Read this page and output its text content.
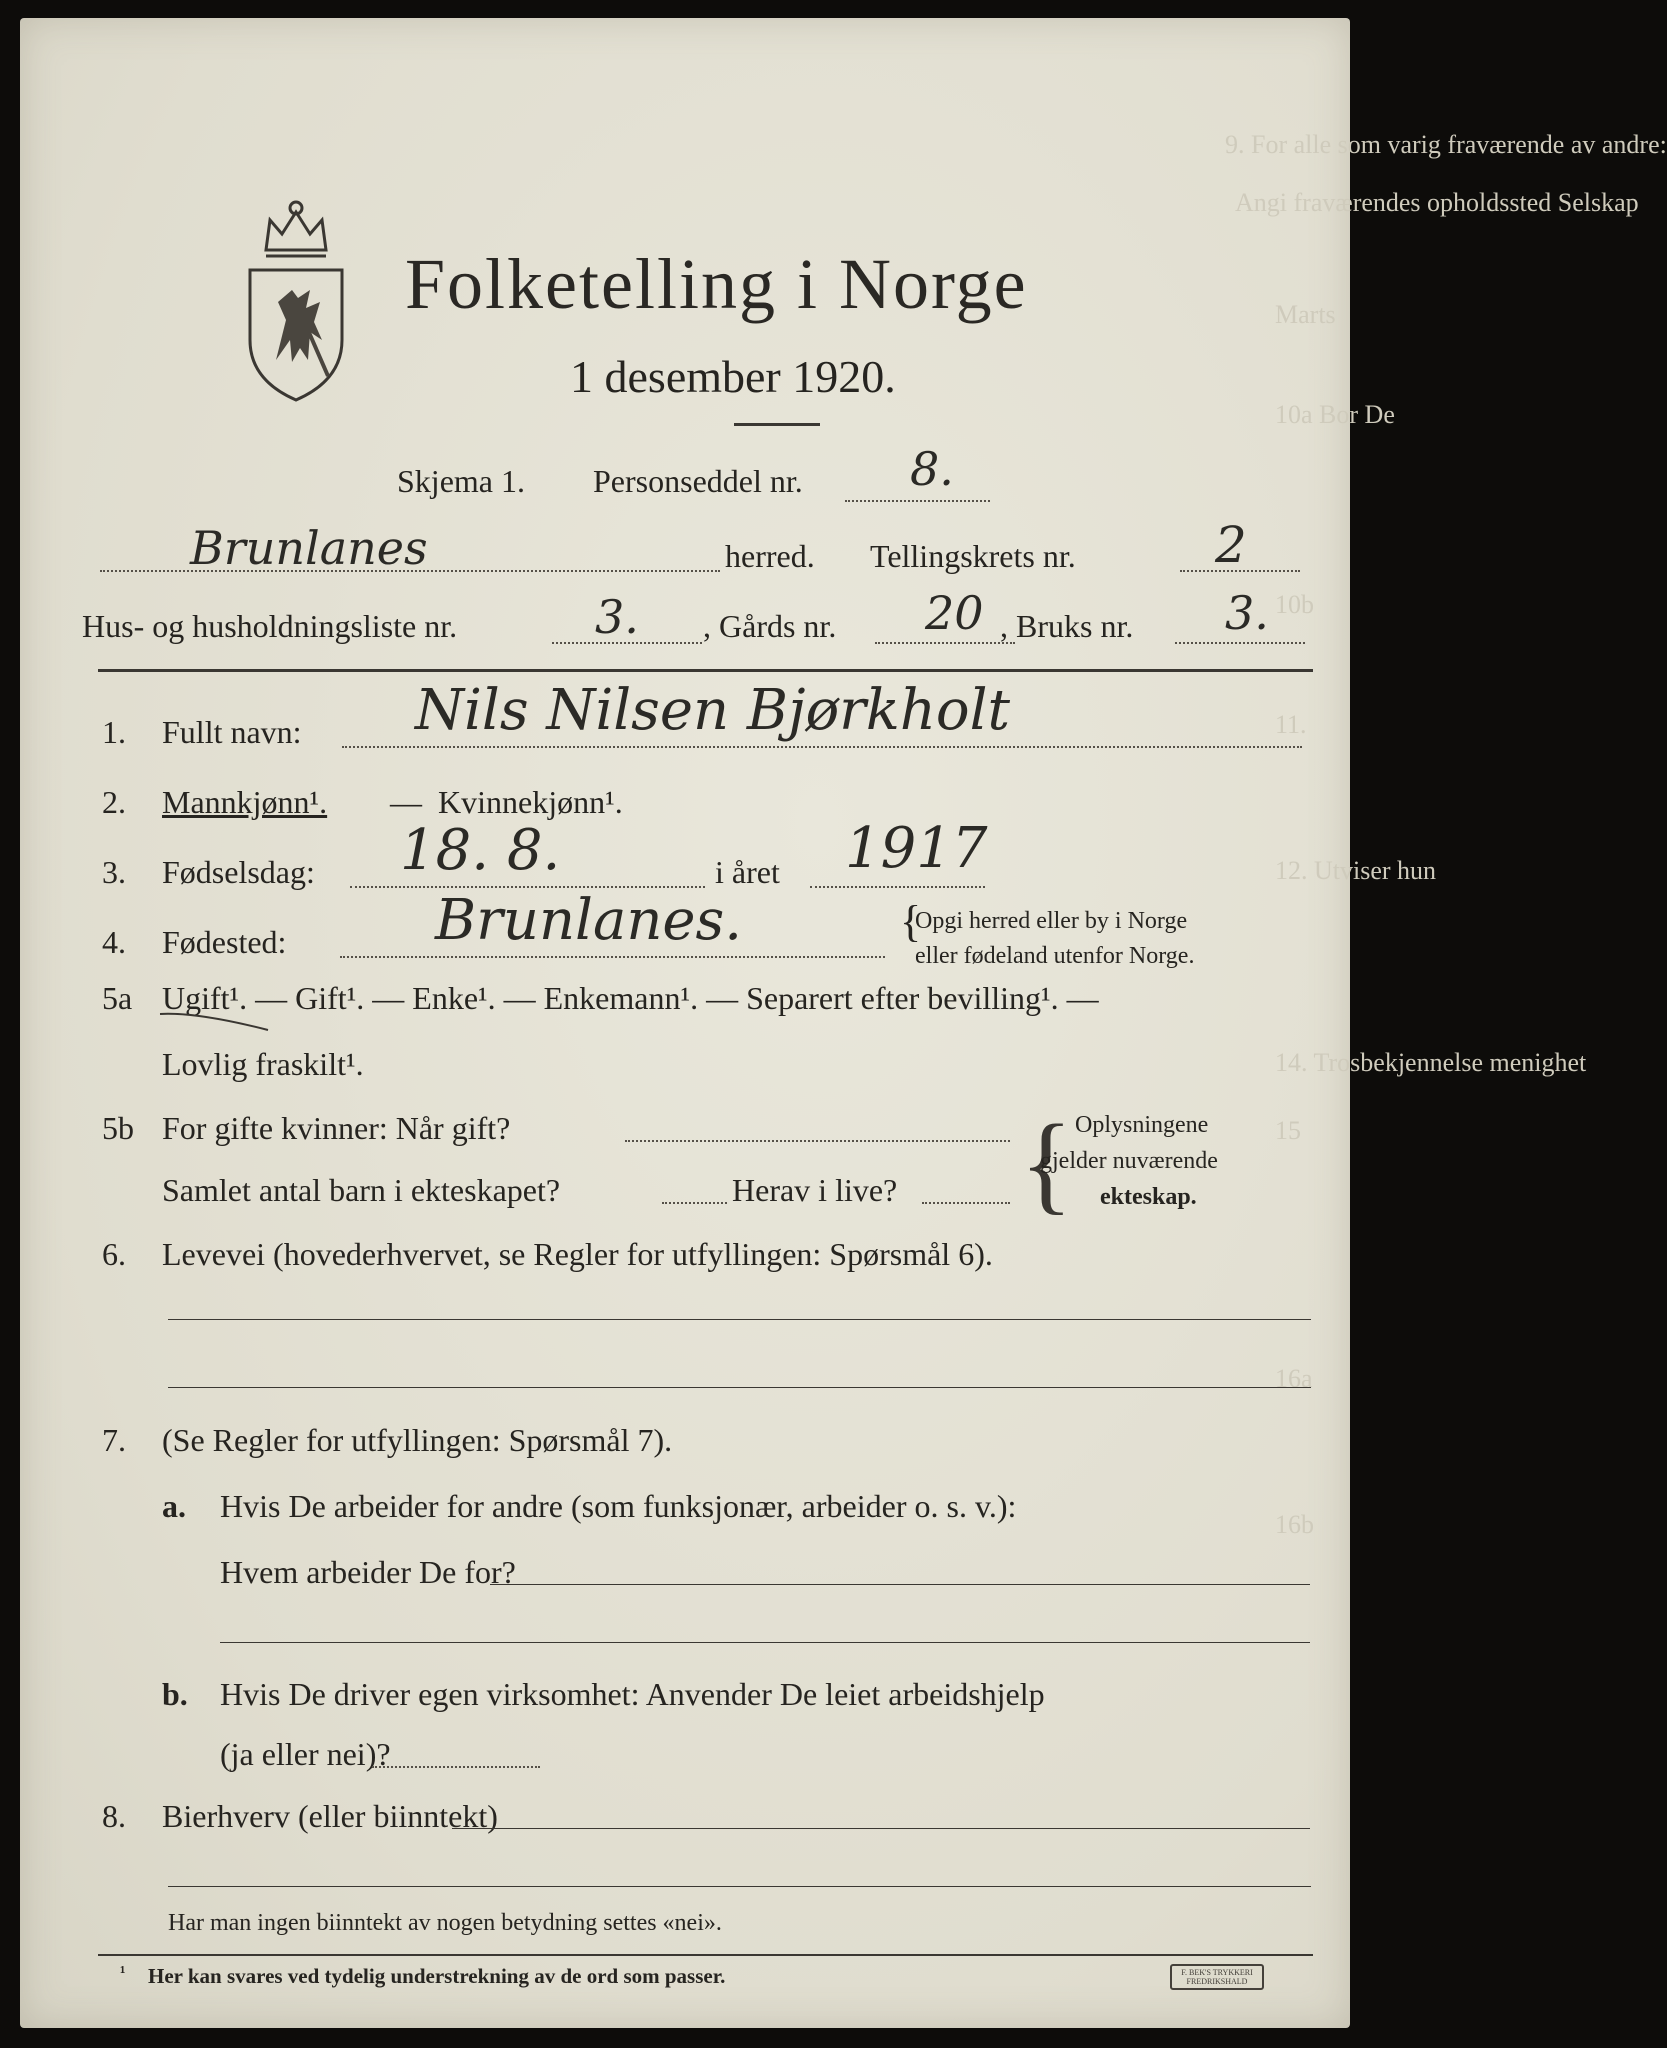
9. For alle som varig fraværende av andre:
Angi fraværendes opholdssted Selskap
Marts
10a Bor De
10b
11.
12. Utviser hun
14. Trosbekjennelse menighet
15
16a
16b
Folketelling i Norge
1 desember 1920.
Skjema 1. Personseddel nr. 8.
Brunlanes	herred. Tellingskrets nr.	2
Hus- og husholdningsliste nr.	3. , Gårds nr. 20 , Bruks nr. 3.
1. Fullt navn: Nils Nilsen Bjørkholt
2. Mannkjønn¹. — Kvinnekjønn¹.
3. Fødselsdag: 18. 8.	i året 1917
4. Fødested:	Brunlanes.	{
Opgi herred eller by i Norge
eller fødeland utenfor Norge.
5a Ugift¹. — Gift¹. — Enke¹. — Enkemann¹. — Separert efter bevilling¹. —
Lovlig fraskilt¹.
5b For gifte kvinner: Når gift?
Samlet antal barn i ekteskapet?	Herav i live? { Oplysningene
gjelder nuværende
ekteskap.
6. Levevei (hovederhvervet, se Regler for utfyllingen: Spørsmål 6).
7. (Se Regler for utfyllingen: Spørsmål 7).
a. Hvis De arbeider for andre (som funksjonær, arbeider o. s. v.):
Hvem arbeider De for?
b. Hvis De driver egen virksomhet: Anvender De leiet arbeidshjelp
(ja eller nei)?
8. Bierhverv (eller biinntekt)
Har man ingen biinntekt av nogen betydning settes «nei».
¹ Her kan svares ved tydelig understrekning av de ord som passer.	F. BEK'S TRYKKERI FREDRIKSHALD
